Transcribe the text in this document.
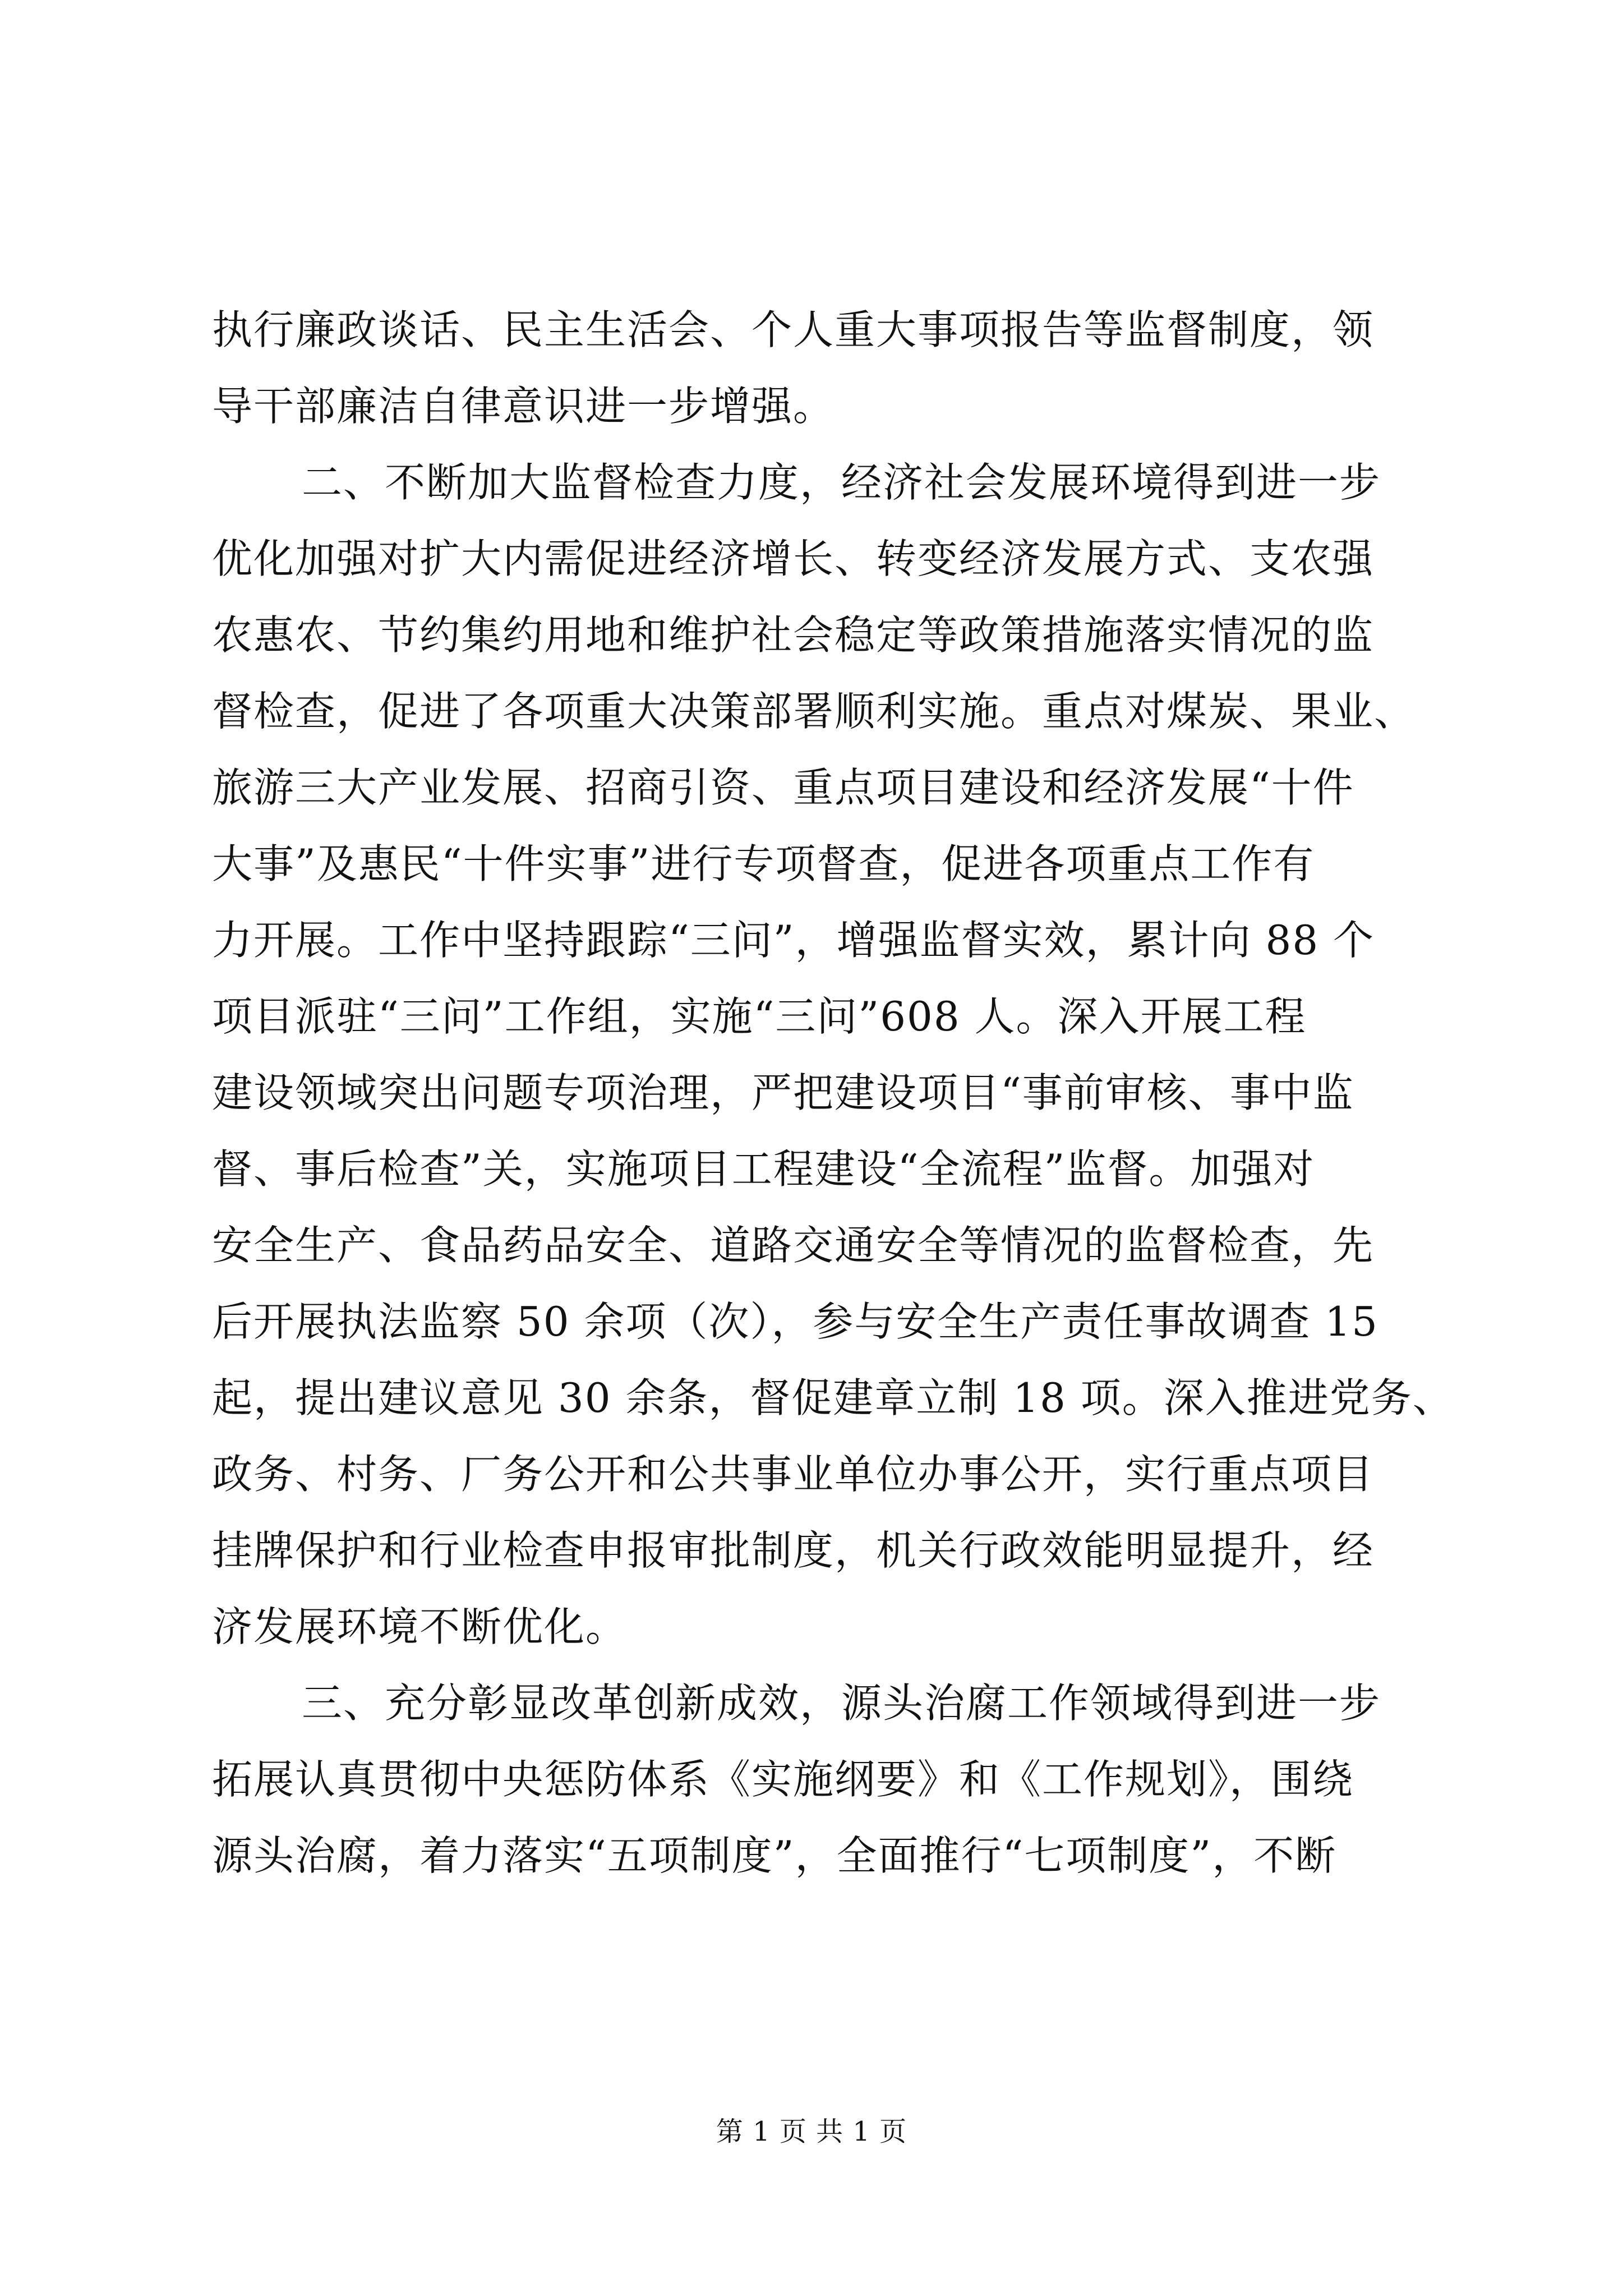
执行廉政谈话、民主生活会、个人重大事项报告等监督制度，领
导干部廉洁自律意识进一步增强。

二、不断加大监督检查力度，经济社会发展环境得到进一步
优化加强对扩大内需促进经济增长、转变经济发展方式、支农强
农惠农、节约集约用地和维护社会稳定等政策措施落实情况的监
督检查，促进了各项重大决策部署顺利实施。重点对煤炭、果业、
旅游三大产业发展、招商引资、重点项目建设和经济发展“十件
大事”及惠民“十件实事”进行专项督查，促进各项重点工作有
力开展。工作中坚持跟踪“三问”，增强监督实效，累计向 88 个
项目派驻“三问”工作组，实施“三问”608 人。深入开展工程
建设领域突出问题专项治理，严把建设项目“事前审核、事中监
督、事后检查”关，实施项目工程建设“全流程”监督。加强对
安全生产、食品药品安全、道路交通安全等情况的监督检查，先
后开展执法监察 50 余项（次），参与安全生产责任事故调查 15
起，提出建议意见 30 余条，督促建章立制 18 项。深入推进党务、
政务、村务、厂务公开和公共事业单位办事公开，实行重点项目
挂牌保护和行业检查申报审批制度，机关行政效能明显提升，经
济发展环境不断优化。

三、充分彰显改革创新成效，源头治腐工作领域得到进一步
拓展认真贯彻中央惩防体系《实施纲要》和《工作规划》，围绕
源头治腐，着力落实“五项制度”，全面推行“七项制度”，不断

第 1 页 共 1 页
